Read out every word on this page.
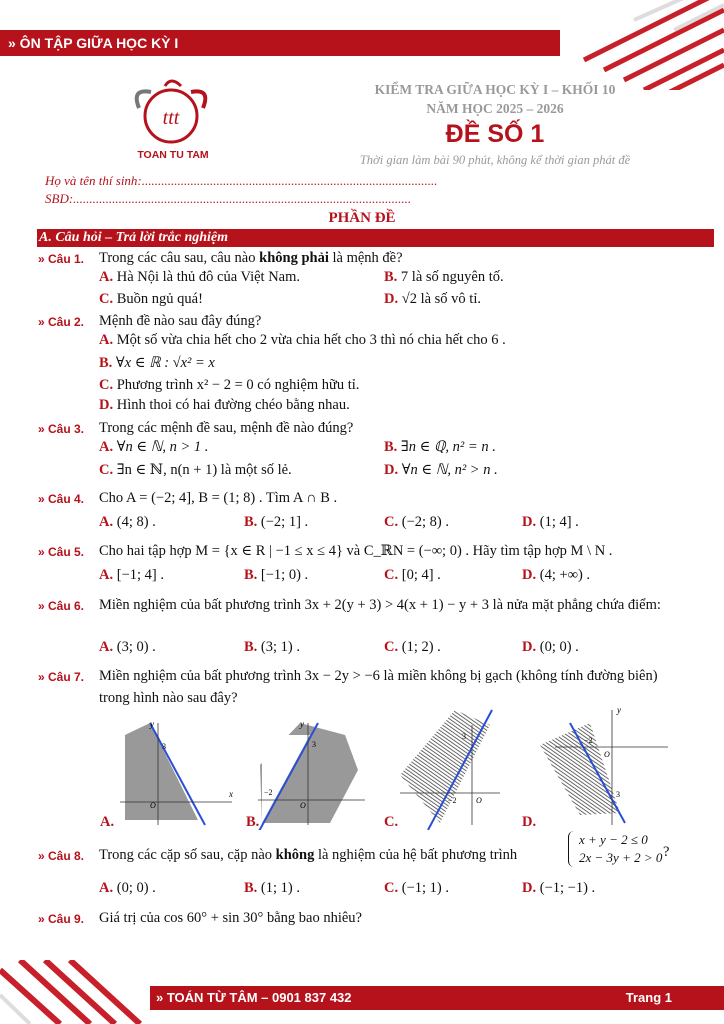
» ÔN TẬP GIỮA HỌC KỲ I
ttt
TOAN TU TAM
KIỂM TRA GIỮA HỌC KỲ I – KHỐI 10
NĂM HỌC 2025 – 2026
ĐỀ SỐ 1
Thời gian làm bài 90 phút, không kể thời gian phát đề
Họ và tên thí sinh:...........................................................................................
SBD:........................................................................................................
PHẦN ĐỀ
A. Câu hỏi – Trả lời trắc nghiệm
» Câu 1. Trong các câu sau, câu nào không phải là mệnh đề?
A. Hà Nội là thủ đô của Việt Nam.	B. 7 là số nguyên tố.
C. Buồn ngủ quá!	D. √2 là số vô tỉ.
» Câu 2. Mệnh đề nào sau đây đúng?
A. Một số vừa chia hết cho 2 vừa chia hết cho 3 thì nó chia hết cho 6 .
B. ∀x ∈ ℝ : √x² = x
C. Phương trình x² − 2 = 0 có nghiệm hữu tỉ.
D. Hình thoi có hai đường chéo bằng nhau.
» Câu 3. Trong các mệnh đề sau, mệnh đề nào đúng?
A. ∀n ∈ ℕ, n > 1 .	B. ∃n ∈ ℚ, n² = n .
C. ∃n ∈ ℕ, n(n + 1) là một số lẻ.	D. ∀n ∈ ℕ, n² > n .
» Câu 4. Cho A = (−2; 4], B = (1; 8) . Tìm A ∩ B .
A. (4; 8) .	B. (−2; 1] .	C. (−2; 8) .	D. (1; 4] .
» Câu 5. Cho hai tập hợp M = {x ∈ R | −1 ≤ x ≤ 4} và C_ℝN = (−∞; 0) . Hãy tìm tập hợp M \ N .
A. [−1; 4] .	B. [−1; 0) .	C. [0; 4] .	D. (4; +∞) .
» Câu 6. Miền nghiệm của bất phương trình 3x + 2(y + 3) > 4(x + 1) − y + 3 là nửa mặt phẳng chứa điểm:
A. (3; 0) .	B. (3; 1) .	C. (1; 2) .	D. (0; 0) .
» Câu 7. Miền nghiệm của bất phương trình 3x − 2y > −6 là miền không bị gạch (không tính đường biên) trong hình nào sau đây?
y
x
O
3
A.
y
O
−2
3
B.
3
−2 O
C.
y
−2
O
3
D.
» Câu 8. Trong các cặp số sau, cặp nào không là nghiệm của hệ bất phương trình
x + y − 2 ≤ 0
2x − 3y + 2 > 0 ?
A. (0; 0) .	B. (1; 1) .	C. (−1; 1) .	D. (−1; −1) .
» Câu 9. Giá trị của cos 60° + sin 30° bằng bao nhiêu?
» TOÁN TỪ TÂM – 0901 837 432	Trang 1
